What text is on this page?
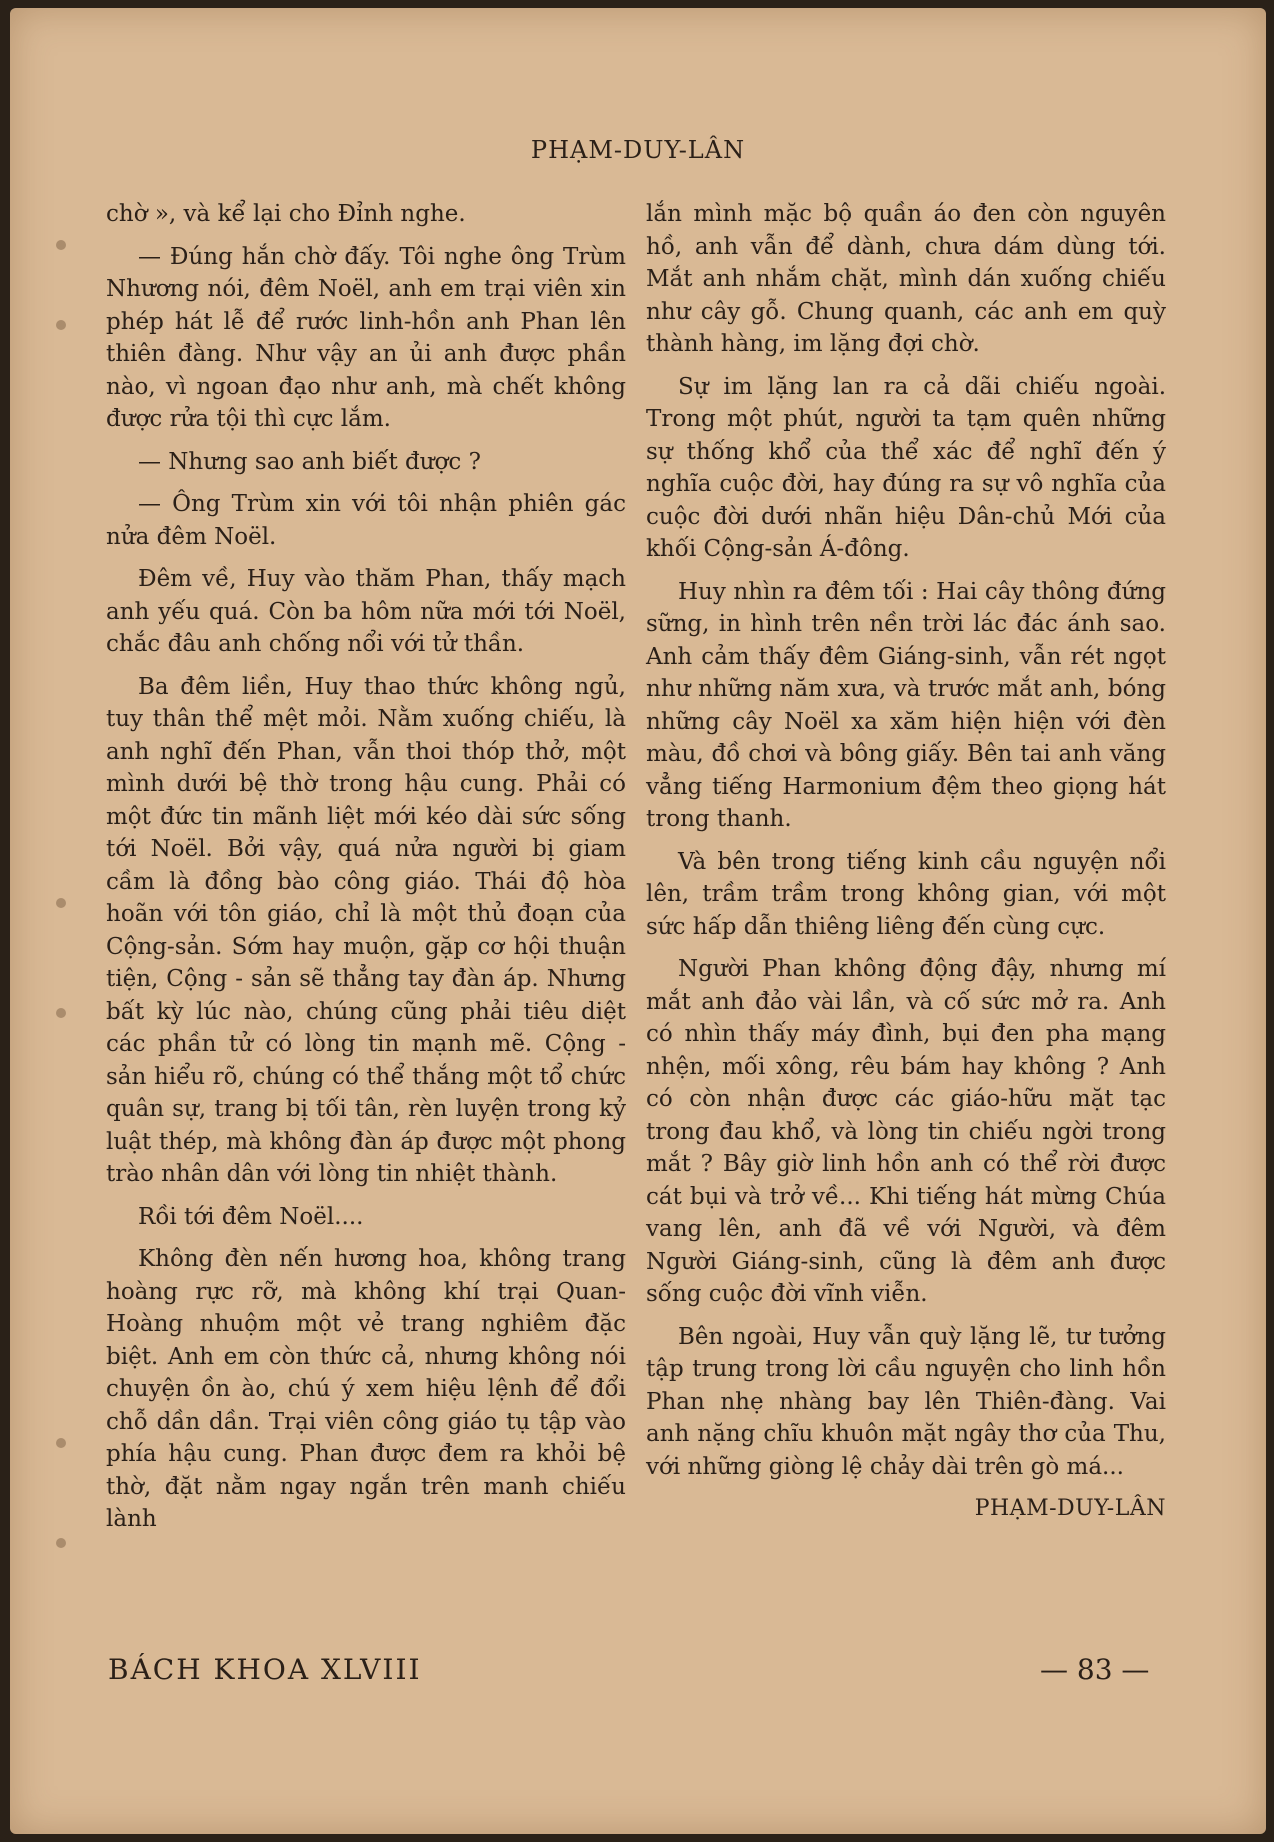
PHẠM-DUY-LÂN

chờ », và kể lại cho Đỉnh nghe.

— Đúng hắn chờ đấy. Tôi nghe ông Trùm Nhương nói, đêm Noël, anh em trại viên xin phép hát lễ để rước linh-hồn anh Phan lên thiên đàng. Như vậy an ủi anh được phần nào, vì ngoan đạo như anh, mà chết không được rửa tội thì cực lắm.

— Nhưng sao anh biết được ?

— Ông Trùm xin với tôi nhận phiên gác nửa đêm Noël.

Đêm về, Huy vào thăm Phan, thấy mạch anh yếu quá. Còn ba hôm nữa mới tới Noël, chắc đâu anh chống nổi với tử thần.

Ba đêm liền, Huy thao thức không ngủ, tuy thân thể mệt mỏi. Nằm xuống chiếu, là anh nghĩ đến Phan, vẫn thoi thóp thở, một mình dưới bệ thờ trong hậu cung. Phải có một đức tin mãnh liệt mới kéo dài sức sống tới Noël. Bởi vậy, quá nửa người bị giam cầm là đồng bào công giáo. Thái độ hòa hoãn với tôn giáo, chỉ là một thủ đoạn của Cộng-sản. Sớm hay muộn, gặp cơ hội thuận tiện, Cộng - sản sẽ thẳng tay đàn áp. Nhưng bất kỳ lúc nào, chúng cũng phải tiêu diệt các phần tử có lòng tin mạnh mẽ. Cộng - sản hiểu rõ, chúng có thể thắng một tổ chức quân sự, trang bị tối tân, rèn luyện trong kỷ luật thép, mà không đàn áp được một phong trào nhân dân với lòng tin nhiệt thành.

Rồi tới đêm Noël....

Không đèn nến hương hoa, không trang hoàng rực rỡ, mà không khí trại Quan-Hoàng nhuộm một vẻ trang nghiêm đặc biệt. Anh em còn thức cả, nhưng không nói chuyện ồn ào, chú ý xem hiệu lệnh để đổi chỗ dần dần. Trại viên công giáo tụ tập vào phía hậu cung. Phan được đem ra khỏi bệ thờ, đặt nằm ngay ngắn trên manh chiếu lành

lắn mình mặc bộ quần áo đen còn nguyên hồ, anh vẫn để dành, chưa dám dùng tới. Mắt anh nhắm chặt, mình dán xuống chiếu như cây gỗ. Chung quanh, các anh em quỳ thành hàng, im lặng đợi chờ.

Sự im lặng lan ra cả dãi chiếu ngoài. Trong một phút, người ta tạm quên những sự thống khổ của thể xác để nghĩ đến ý nghĩa cuộc đời, hay đúng ra sự vô nghĩa của cuộc đời dưới nhãn hiệu Dân-chủ Mới của khối Cộng-sản Á-đông.

Huy nhìn ra đêm tối : Hai cây thông đứng sững, in hình trên nền trời lác đác ánh sao. Anh cảm thấy đêm Giáng-sinh, vẫn rét ngọt như những năm xưa, và trước mắt anh, bóng những cây Noël xa xăm hiện hiện với đèn màu, đồ chơi và bông giấy. Bên tai anh văng vẳng tiếng Harmonium đệm theo giọng hát trong thanh.

Và bên trong tiếng kinh cầu nguyện nổi lên, trầm trầm trong không gian, với một sức hấp dẫn thiêng liêng đến cùng cực.

Người Phan không động đậy, nhưng mí mắt anh đảo vài lần, và cố sức mở ra. Anh có nhìn thấy máy đình, bụi đen pha mạng nhện, mối xông, rêu bám hay không ? Anh có còn nhận được các giáo-hữu mặt tạc trong đau khổ, và lòng tin chiếu ngời trong mắt ? Bây giờ linh hồn anh có thể rời được cát bụi và trở về... Khi tiếng hát mừng Chúa vang lên, anh đã về với Người, và đêm Người Giáng-sinh, cũng là đêm anh được sống cuộc đời vĩnh viễn.

Bên ngoài, Huy vẫn quỳ lặng lẽ, tư tưởng tập trung trong lời cầu nguyện cho linh hồn Phan nhẹ nhàng bay lên Thiên-đàng. Vai anh nặng chĩu khuôn mặt ngây thơ của Thu, với những giòng lệ chảy dài trên gò má...

PHẠM-DUY-LÂN
BÁCH KHOA XLVIII	— 83 —
